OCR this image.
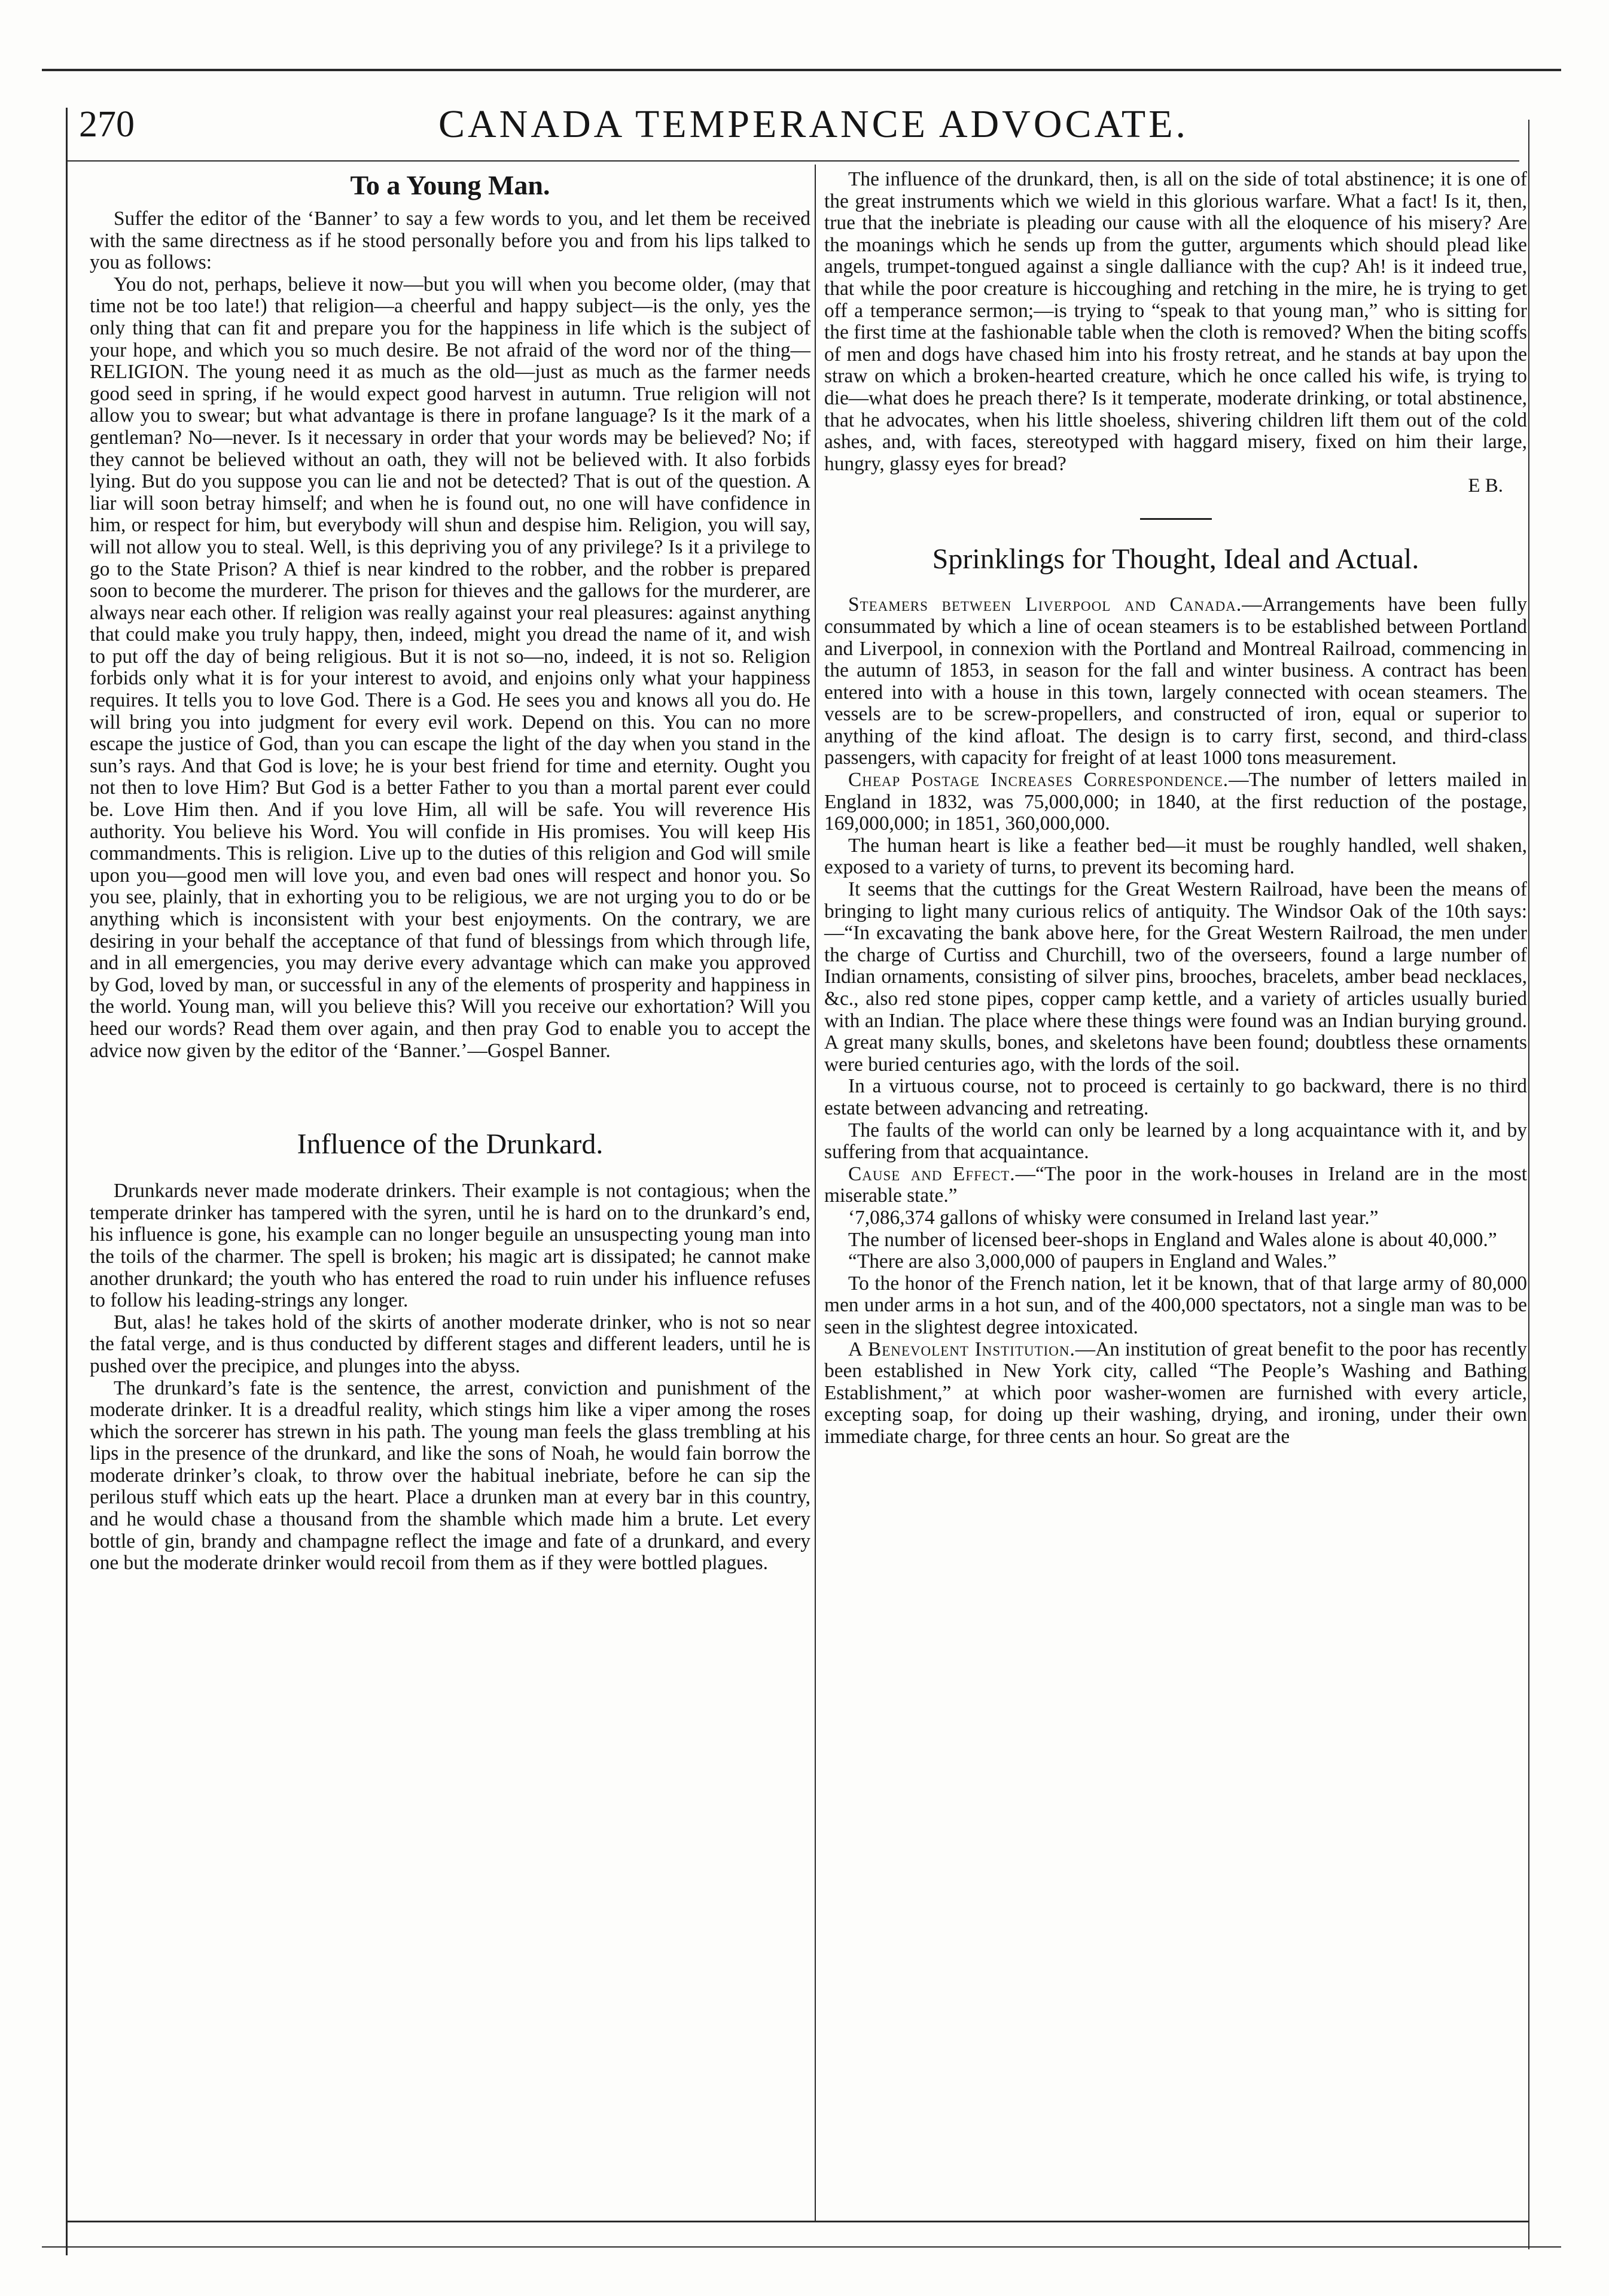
270	CANADA TEMPERANCE ADVOCATE.
To a Young Man.

Suffer the editor of the ‘Banner’ to say a few words to you, and let them be received with the same directness as if he stood personally before you and from his lips talked to you as follows:

You do not, perhaps, believe it now—but you will when you become older, (may that time not be too late!) that religion—a cheerful and happy subject—is the only, yes the only thing that can fit and prepare you for the happiness in life which is the subject of your hope, and which you so much desire. Be not afraid of the word nor of the thing—RELIGION. The young need it as much as the old—just as much as the farmer needs good seed in spring, if he would expect good harvest in autumn. True religion will not allow you to swear; but what advantage is there in profane language? Is it the mark of a gentleman? No—never. Is it necessary in order that your words may be believed? No; if they cannot be believed without an oath, they will not be believed with. It also forbids lying. But do you suppose you can lie and not be detected? That is out of the question. A liar will soon betray himself; and when he is found out, no one will have confidence in him, or respect for him, but everybody will shun and despise him. Religion, you will say, will not allow you to steal. Well, is this depriving you of any privilege? Is it a privilege to go to the State Prison? A thief is near kindred to the robber, and the robber is prepared soon to become the murderer. The prison for thieves and the gallows for the murderer, are always near each other. If religion was really against your real pleasures: against anything that could make you truly happy, then, indeed, might you dread the name of it, and wish to put off the day of being religious. But it is not so—no, indeed, it is not so. Religion forbids only what it is for your interest to avoid, and enjoins only what your happiness requires. It tells you to love God. There is a God. He sees you and knows all you do. He will bring you into judgment for every evil work. Depend on this. You can no more escape the justice of God, than you can escape the light of the day when you stand in the sun’s rays. And that God is love; he is your best friend for time and eternity. Ought you not then to love Him? But God is a better Father to you than a mortal parent ever could be. Love Him then. And if you love Him, all will be safe. You will reverence His authority. You believe his Word. You will confide in His promises. You will keep His commandments. This is religion. Live up to the duties of this religion and God will smile upon you—good men will love you, and even bad ones will respect and honor you. So you see, plainly, that in exhorting you to be religious, we are not urging you to do or be anything which is inconsistent with your best enjoyments. On the contrary, we are desiring in your behalf the acceptance of that fund of blessings from which through life, and in all emergencies, you may derive every advantage which can make you approved by God, loved by man, or successful in any of the elements of prosperity and happiness in the world. Young man, will you believe this? Will you receive our exhortation? Will you heed our words? Read them over again, and then pray God to enable you to accept the advice now given by the editor of the ‘Banner.’—Gospel Banner.

Influence of the Drunkard.

Drunkards never made moderate drinkers. Their example is not contagious; when the temperate drinker has tampered with the syren, until he is hard on to the drunkard’s end, his influence is gone, his example can no longer beguile an unsuspecting young man into the toils of the charmer. The spell is broken; his magic art is dissipated; he cannot make another drunkard; the youth who has entered the road to ruin under his influence refuses to follow his leading-strings any longer.

But, alas! he takes hold of the skirts of another moderate drinker, who is not so near the fatal verge, and is thus conducted by different stages and different leaders, until he is pushed over the precipice, and plunges into the abyss.

The drunkard’s fate is the sentence, the arrest, conviction and punishment of the moderate drinker. It is a dreadful reality, which stings him like a viper among the roses which the sorcerer has strewn in his path. The young man feels the glass trembling at his lips in the presence of the drunkard, and like the sons of Noah, he would fain borrow the moderate drinker’s cloak, to throw over the habitual inebriate, before he can sip the perilous stuff which eats up the heart. Place a drunken man at every bar in this country, and he would chase a thousand from the shamble which made him a brute. Let every bottle of gin, brandy and champagne reflect the image and fate of a drunkard, and every one but the moderate drinker would recoil from them as if they were bottled plagues.

The influence of the drunkard, then, is all on the side of total abstinence; it is one of the great instruments which we wield in this glorious warfare. What a fact! Is it, then, true that the inebriate is pleading our cause with all the eloquence of his misery? Are the moanings which he sends up from the gutter, arguments which should plead like angels, trumpet-tongued against a single dalliance with the cup? Ah! is it indeed true, that while the poor creature is hiccoughing and retching in the mire, he is trying to get off a temperance sermon;—is trying to “speak to that young man,” who is sitting for the first time at the fashionable table when the cloth is removed? When the biting scoffs of men and dogs have chased him into his frosty retreat, and he stands at bay upon the straw on which a broken-hearted creature, which he once called his wife, is trying to die—what does he preach there? Is it temperate, moderate drinking, or total abstinence, that he advocates, when his little shoeless, shivering children lift them out of the cold ashes, and, with faces, stereotyped with haggard misery, fixed on him their large, hungry, glassy eyes for bread?

E B.
Sprinklings for Thought, Ideal and Actual.

Steamers between Liverpool and Canada.—Arrangements have been fully consummated by which a line of ocean steamers is to be established between Portland and Liverpool, in connexion with the Portland and Montreal Railroad, commencing in the autumn of 1853, in season for the fall and winter business. A contract has been entered into with a house in this town, largely connected with ocean steamers. The vessels are to be screw-propellers, and constructed of iron, equal or superior to anything of the kind afloat. The design is to carry first, second, and third-class passengers, with capacity for freight of at least 1000 tons measurement.

Cheap Postage Increases Correspondence.—The number of letters mailed in England in 1832, was 75,000,000; in 1840, at the first reduction of the postage, 169,000,000; in 1851, 360,000,000.

The human heart is like a feather bed—it must be roughly handled, well shaken, exposed to a variety of turns, to prevent its becoming hard.

It seems that the cuttings for the Great Western Railroad, have been the means of bringing to light many curious relics of antiquity. The Windsor Oak of the 10th says:—“In excavating the bank above here, for the Great Western Railroad, the men under the charge of Curtiss and Churchill, two of the overseers, found a large number of Indian ornaments, consisting of silver pins, brooches, bracelets, amber bead necklaces, &c., also red stone pipes, copper camp kettle, and a variety of articles usually buried with an Indian. The place where these things were found was an Indian burying ground. A great many skulls, bones, and skeletons have been found; doubtless these ornaments were buried centuries ago, with the lords of the soil.

In a virtuous course, not to proceed is certainly to go backward, there is no third estate between advancing and retreating.

The faults of the world can only be learned by a long acquaintance with it, and by suffering from that acquaintance.

Cause and Effect.—“The poor in the work-houses in Ireland are in the most miserable state.”

‘7,086,374 gallons of whisky were consumed in Ireland last year.”

The number of licensed beer-shops in England and Wales alone is about 40,000.”

“There are also 3,000,000 of paupers in England and Wales.”

To the honor of the French nation, let it be known, that of that large army of 80,000 men under arms in a hot sun, and of the 400,000 spectators, not a single man was to be seen in the slightest degree intoxicated.

A Benevolent Institution.—An institution of great benefit to the poor has recently been established in New York city, called “The People’s Washing and Bathing Establishment,” at which poor washer-women are furnished with every article, excepting soap, for doing up their washing, drying, and ironing, under their own immediate charge, for three cents an hour. So great are the
